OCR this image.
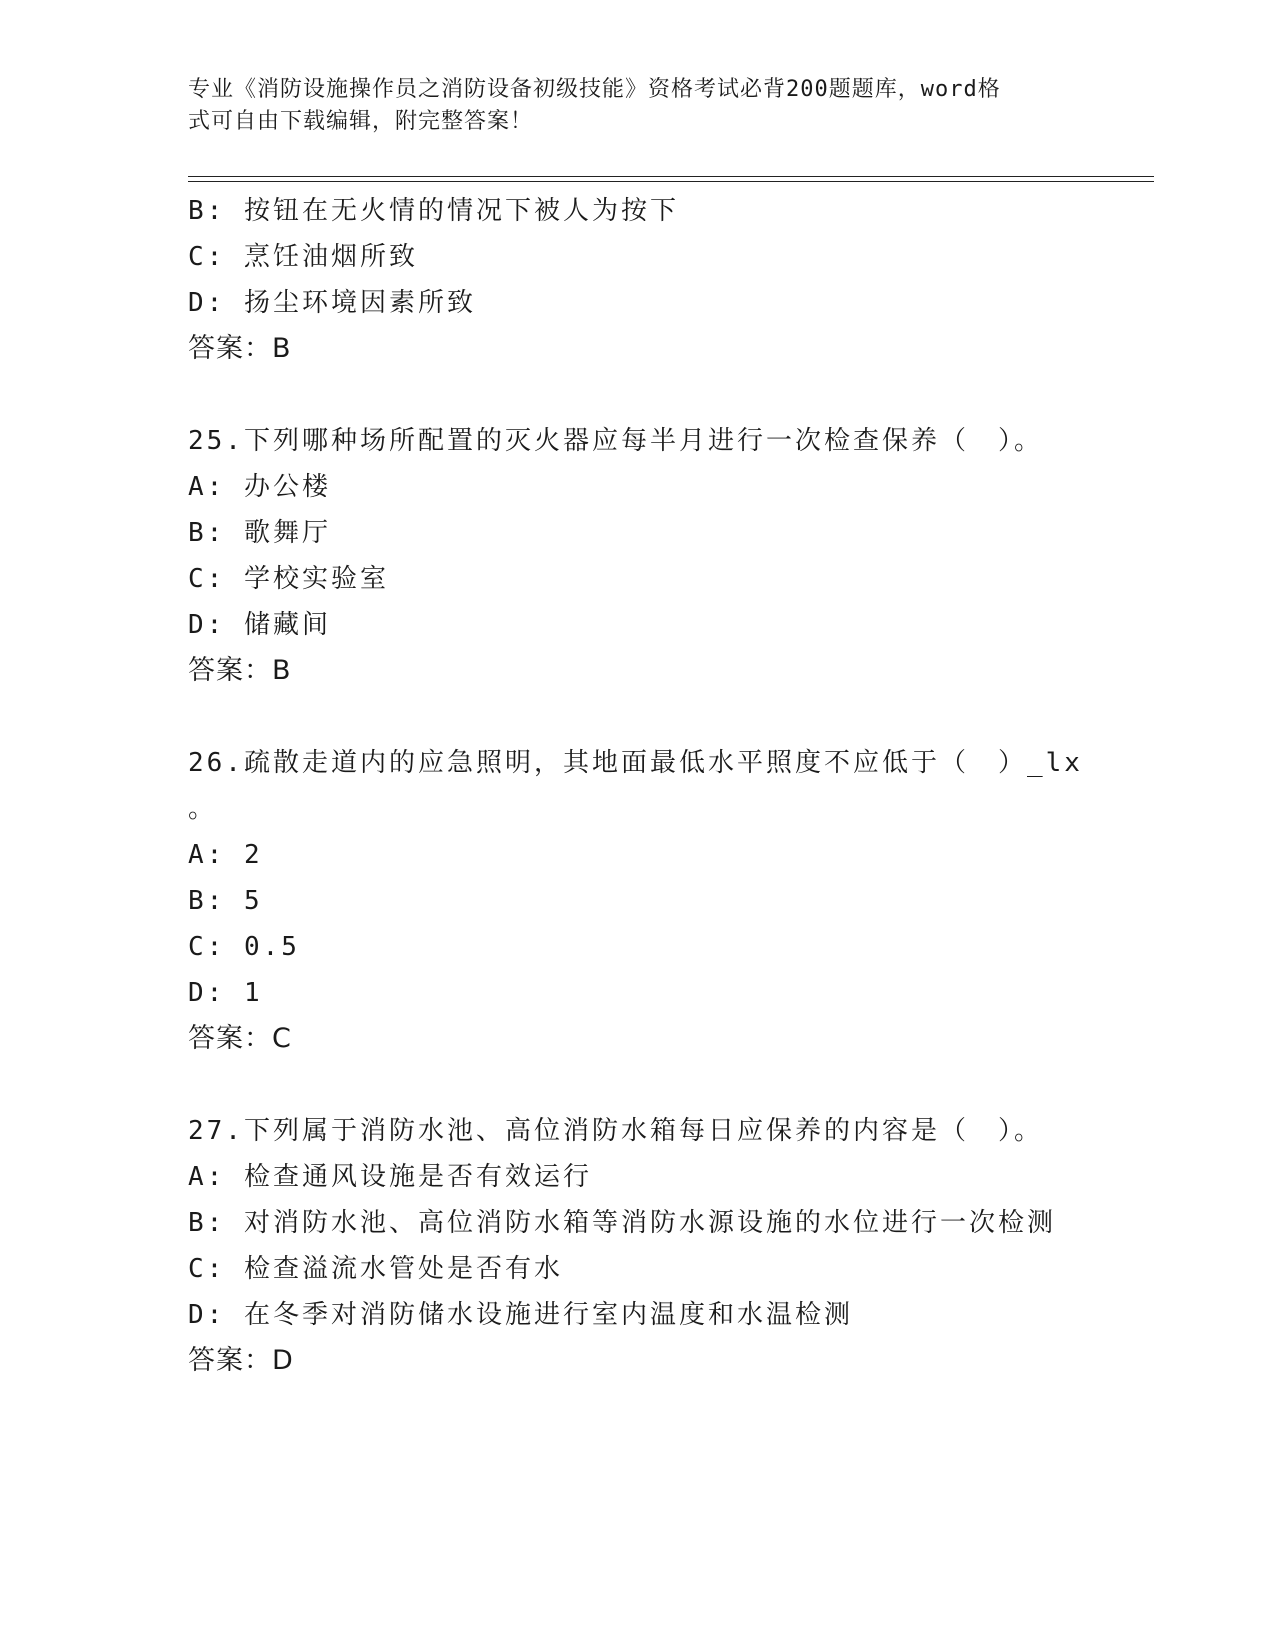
专业《消防设施操作员之消防设备初级技能》资格考试必背200题题库，word格
式可自由下载编辑，附完整答案！
B: 按钮在无火情的情况下被人为按下
C: 烹饪油烟所致
D: 扬尘环境因素所致
答案：B
25.下列哪种场所配置的灭火器应每半月进行一次检查保养（　）。
A: 办公楼
B: 歌舞厅
C: 学校实验室
D: 储藏间
答案：B
26.疏散走道内的应急照明，其地面最低水平照度不应低于（　）_lx
。
A: 2
B: 5
C: 0.5
D: 1
答案：C
27.下列属于消防水池、高位消防水箱每日应保养的内容是（　）。
A: 检查通风设施是否有效运行
B: 对消防水池、高位消防水箱等消防水源设施的水位进行一次检测
C: 检查溢流水管处是否有水
D: 在冬季对消防储水设施进行室内温度和水温检测
答案：D
